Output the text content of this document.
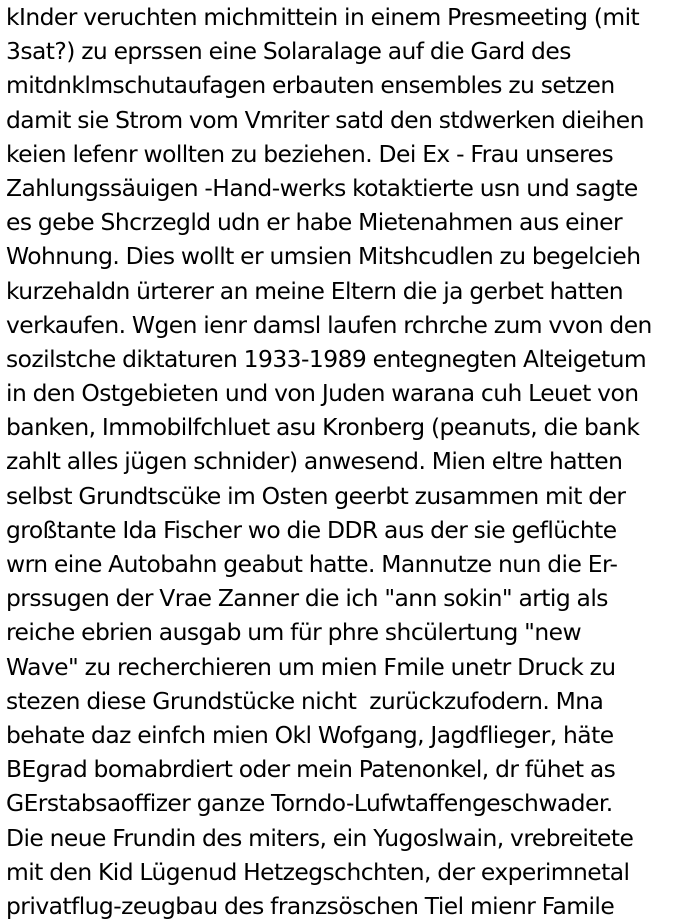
kInder veruchten michmittein in einem Presmeeting (mit
3sat?) zu eprssen eine Solaralage auf die Gard des
mitdnklmschutaufagen erbauten ensembles zu setzen
damit sie Strom vom Vmriter satd den stdwerken dieihen
keien lefenr wollten zu beziehen. Dei Ex - Frau unseres
Zahlungssäuigen -Hand-werks kotaktierte usn und sagte
es gebe Shcrzegld udn er habe Mietenahmen aus einer
Wohnung. Dies wollt er umsien Mitshcudlen zu begelcieh
kurzehaldn ürterer an meine Eltern die ja gerbet hatten
verkaufen. Wgen ienr damsl laufen rchrche zum vvon den
sozilstche diktaturen 1933-1989 entegnegten Alteigetum
in den Ostgebieten und von Juden warana cuh Leuet von
banken, Immobilfchluet asu Kronberg (peanuts, die bank
zahlt alles jügen schnider) anwesend. Mien eltre hatten
selbst Grundtscüke im Osten geerbt zusammen mit der
großtante Ida Fischer wo die DDR aus der sie geflüchte
wrn eine Autobahn geabut hatte. Mannutze nun die Er-
prssugen der Vrae Zanner die ich "ann sokin" artig als
reiche ebrien ausgab um für phre shcülertung "new
Wave" zu recherchieren um mien Fmile unetr Druck zu
stezen diese Grundstücke nicht  zurückzufodern. Mna
behate daz einfch mien Okl Wofgang, Jagdflieger, häte
BEgrad bomabrdiert oder mein Patenonkel, dr fühet as
GErstabsaoffizer ganze Torndo-Lufwtaffengeschwader.
Die neue Frundin des miters, ein Yugoslwain, vrebreitete
mit den Kid Lügenud Hetzegschchten, der experimnetal
privatflug-zeugbau des franzsöschen Tiel mienr Famile
